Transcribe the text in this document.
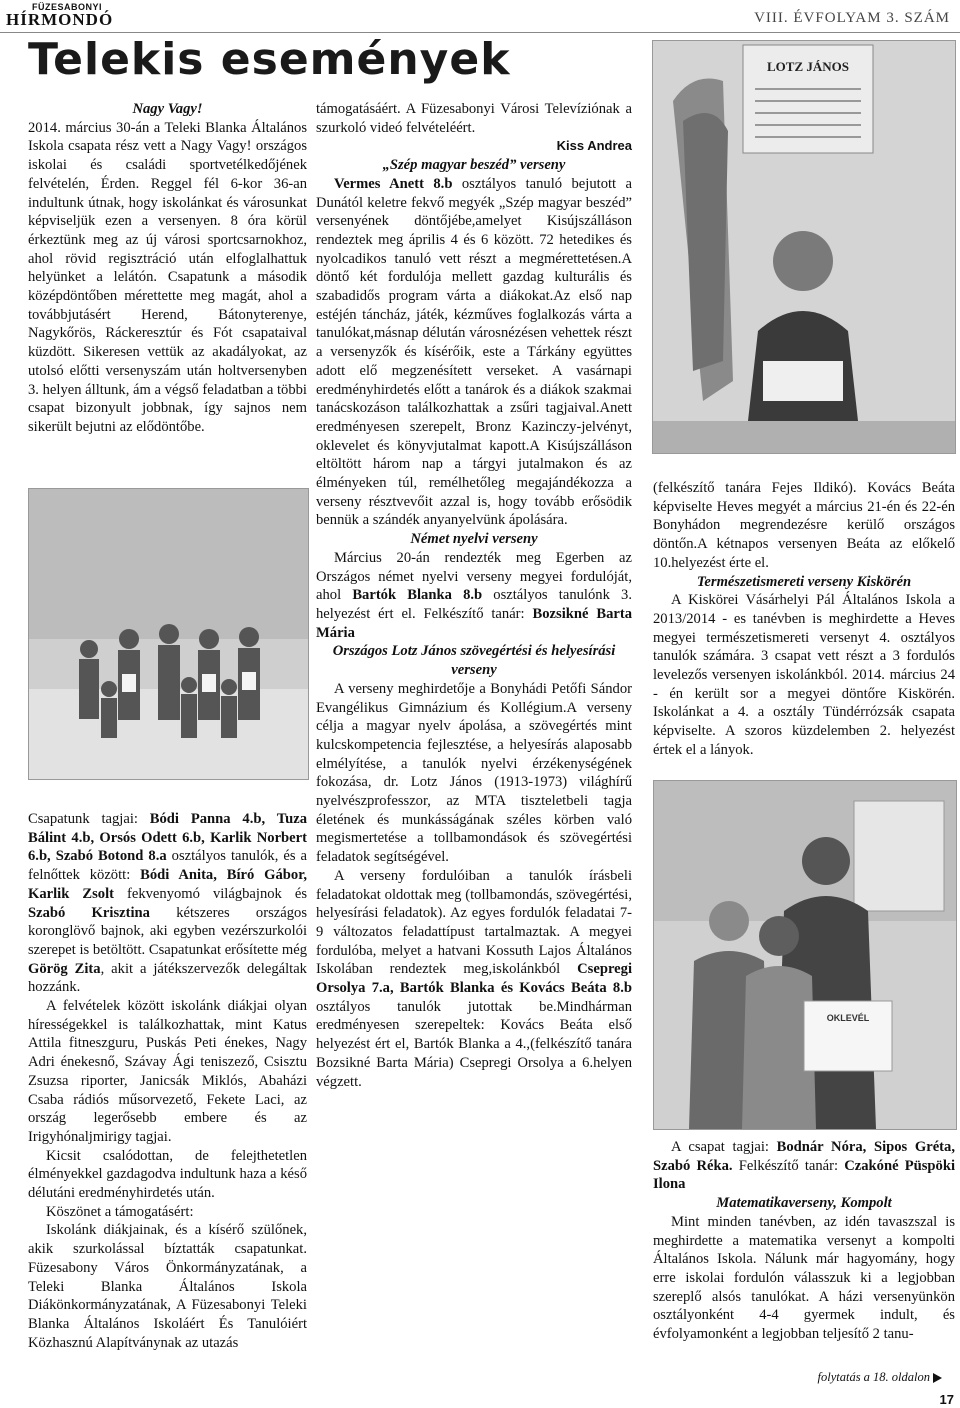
FÜZESABONYI
HÍRMONDÓ	VIII. ÉVFOLYAM 3. SZÁM
Telekis események

Nagy Vagy!

2014. március 30-án a Teleki Blanka Általános Iskola csapata rész vett a Nagy Vagy! országos iskolai és családi sportvetélkedőjének felvételén, Érden. Reggel fél 6-kor 36-an indultunk útnak, hogy iskolánkat és városunkat képviseljük ezen a versenyen. 8 óra körül érkeztünk meg az új városi sportcsarnokhoz, ahol rövid regisztráció után elfoglalhattuk helyünket a lelátón. Csapatunk a második középdöntőben mérettette meg magát, ahol a továbbjutásért Herend, Bátonyterenye, Nagykőrös, Ráckeresztúr és Fót csapataival küzdött. Sikeresen vettük az akadályokat, az utolsó előtti versenyszám után holtversenyben 3. helyen álltunk, ám a végső feladatban a többi csapat bizonyult jobbnak, így sajnos nem sikerült bejutni az elődöntőbe.

Csapatunk tagjai: Bódi Panna 4.b, Tuza Bálint 4.b, Orsós Odett 6.b, Karlik Norbert 6.b, Szabó Botond 8.a osztályos tanulók, és a felnőttek között: Bódi Anita, Bíró Gábor, Karlik Zsolt fekvenyomó világbajnok és Szabó Krisztina kétszeres országos koronglövő bajnok, aki egyben vezérszurkolói szerepet is betöltött. Csapatunkat erősítette még Görög Zita, akit a játékszervezők delegáltak hozzánk.

A felvételek között iskolánk diákjai olyan hírességekkel is találkozhattak, mint Katus Attila fitneszguru, Puskás Peti énekes, Nagy Adri énekesnő, Szávay Ági teniszező, Csisztu Zsuzsa riporter, Janicsák Miklós, Abaházi Csaba rádiós műsorvezető, Fekete Laci, az ország legerősebb embere és az Irigyhónaljmirigy tagjai.

Kicsit csalódottan, de felejthetetlen élményekkel gazdagodva indultunk haza a késő délutáni eredményhirdetés után.

Köszönet a támogatásért:

Iskolánk diákjainak, és a kísérő szülőnek, akik szurkolással bíztatták csapatunkat. Füzesabony Város Önkormányzatának, a Teleki Blanka Általános Iskola Diákönkormányzatának, A Füzesabonyi Teleki Blanka Általános Iskoláért És Tanulóiért Közhasznú Alapítványnak az utazás

támogatásáért. A Füzesabonyi Városi Televíziónak a szurkoló videó felvételéért.

Kiss Andrea

„Szép magyar beszéd” verseny

Vermes Anett 8.b osztályos tanuló bejutott a Dunától keletre fekvő megyék „Szép magyar beszéd” versenyének döntőjébe,amelyet Kisújszálláson rendeztek meg április 4 és 6 között. 72 hetedikes és nyolcadikos tanuló vett részt a megmérettetésen.A döntő két fordulója mellett gazdag kulturális és szabadidős program várta a diákokat.Az első nap estéjén táncház, játék, kézműves foglalkozás várta a tanulókat,másnap délután városnézésen vehettek részt a versenyzők és kísérőik, este a Tárkány együttes adott elő megzenésített verseket. A vasárnapi eredményhirdetés előtt a tanárok és a diákok szakmai tanácskozáson találkozhattak a zsűri tagjaival.Anett eredményesen szerepelt, Bronz Kazinczy-jelvényt, oklevelet és könyvjutalmat kapott.A Kisújszálláson eltöltött három nap a tárgyi jutalmakon és az élményeken túl, remélhetőleg megajándékozza a verseny résztvevőit azzal is, hogy tovább erősödik bennük a szándék anyanyelvünk ápolására.

Német nyelvi verseny

Március 20-án rendezték meg Egerben az Országos német nyelvi verseny megyei fordulóját, ahol Bartók Blanka 8.b osztályos tanulónk 3. helyezést ért el. Felkészítő tanár: Bozsikné Barta Mária

Országos Lotz János szövegértési és helyesírási verseny

A verseny meghirdetője a Bonyhádi Petőfi Sándor Evangélikus Gimnázium és Kollégium.A verseny célja a magyar nyelv ápolása, a szövegértés mint kulcskompetencia fejlesztése, a helyesírás alaposabb elmélyítése, a tanulók nyelvi érzékenységének fokozása, dr. Lotz János (1913-1973) világhírű nyelvészprofesszor, az MTA tiszteletbeli tagja életének és munkásságának széles körben való megismertetése a tollbamondások és szövegértési feladatok segítségével.

A verseny fordulóiban a tanulók írásbeli feladatokat oldottak meg (tollbamondás, szövegértési, helyesírási feladatok). Az egyes fordulók feladatai 7-9 változatos feladattípust tartalmaztak. A megyei fordulóba, melyet a hatvani Kossuth Lajos Általános Iskolában rendeztek meg,iskolánkból Csepregi Orsolya 7.a, Bartók Blanka és Kovács Beáta 8.b osztályos tanulók jutottak be.Mindhárman eredményesen szerepeltek: Kovács Beáta első helyezést ért el, Bartók Blanka a 4.,(felkészítő tanára Bozsikné Barta Mária) Csepregi Orsolya a 6.helyen végzett.

LOTZ JÁNOS

(felkészítő tanára Fejes Ildikó). Kovács Beáta képviselte Heves megyét a március 21-én és 22-én Bonyhádon megrendezésre kerülő országos döntőn.A kétnapos versenyen Beáta az előkelő 10.helyezést érte el.

Természetismereti verseny Kiskörén

A Kiskörei Vásárhelyi Pál Általános Iskola a 2013/2014 - es tanévben is meghirdette a Heves megyei természetismereti versenyt 4. osztályos tanulók számára. 3 csapat vett részt a 3 fordulós levelezős versenyen iskolánkból. 2014. március 24 - én került sor a megyei döntőre Kiskörén. Iskolánkat a 4. a osztály Tündérrózsák csapata képviselte. A szoros küzdelemben 2. helyezést értek el a lányok.

OKLEVÉL

A csapat tagjai: Bodnár Nóra, Sipos Gréta, Szabó Réka. Felkészítő tanár: Czakóné Püspöki Ilona

Matematikaverseny, Kompolt

Mint minden tanévben, az idén tavaszszal is meghirdette a matematika versenyt a kompolti Általános Iskola. Nálunk már hagyomány, hogy erre iskolai fordulón válasszuk ki a legjobban szereplő alsós tanulókat. A házi versenyünkön osztályonként 4-4 gyermek indult, és évfolyamonként a legjobban teljesítő 2 tanu-

folytatás a 18. oldalon
17
